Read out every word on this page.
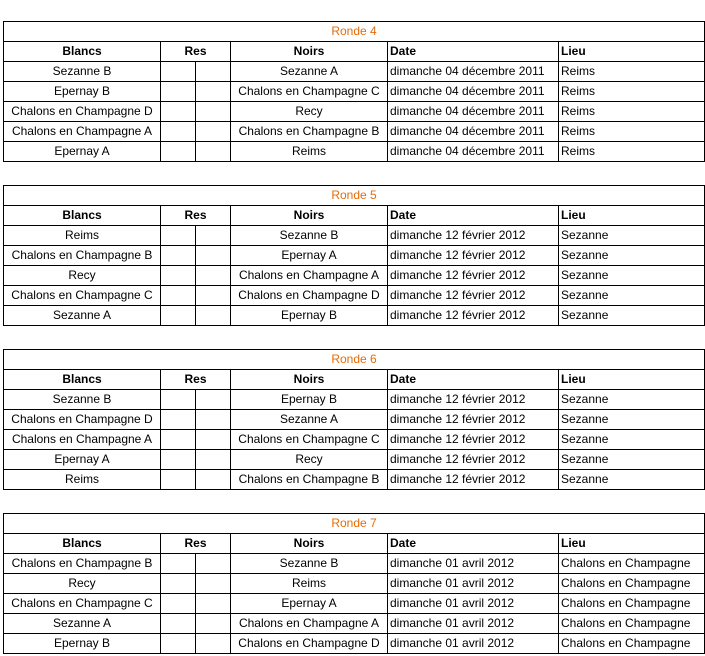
Ronde 4					
Blancs	Res		Noirs	Date	Lieu
Sezanne B			Sezanne A	dimanche 04 décembre 2011	Reims
Epernay B			Chalons en Champagne C	dimanche 04 décembre 2011	Reims
Chalons en Champagne D			Recy	dimanche 04 décembre 2011	Reims
Chalons en Champagne A			Chalons en Champagne B	dimanche 04 décembre 2011	Reims
Epernay A			Reims	dimanche 04 décembre 2011	Reims
Ronde 5					
Blancs	Res		Noirs	Date	Lieu
Reims			Sezanne B	dimanche 12 février 2012	Sezanne
Chalons en Champagne B			Epernay A	dimanche 12 février 2012	Sezanne
Recy			Chalons en Champagne A	dimanche 12 février 2012	Sezanne
Chalons en Champagne C			Chalons en Champagne D	dimanche 12 février 2012	Sezanne
Sezanne A			Epernay B	dimanche 12 février 2012	Sezanne
Ronde 6					
Blancs	Res		Noirs	Date	Lieu
Sezanne B			Epernay B	dimanche 12 février 2012	Sezanne
Chalons en Champagne D			Sezanne A	dimanche 12 février 2012	Sezanne
Chalons en Champagne A			Chalons en Champagne C	dimanche 12 février 2012	Sezanne
Epernay A			Recy	dimanche 12 février 2012	Sezanne
Reims			Chalons en Champagne B	dimanche 12 février 2012	Sezanne
Ronde 7					
Blancs	Res		Noirs	Date	Lieu
Chalons en Champagne B			Sezanne B	dimanche 01 avril 2012	Chalons en Champagne
Recy			Reims	dimanche 01 avril 2012	Chalons en Champagne
Chalons en Champagne C			Epernay A	dimanche 01 avril 2012	Chalons en Champagne
Sezanne A			Chalons en Champagne A	dimanche 01 avril 2012	Chalons en Champagne
Epernay B			Chalons en Champagne D	dimanche 01 avril 2012	Chalons en Champagne
